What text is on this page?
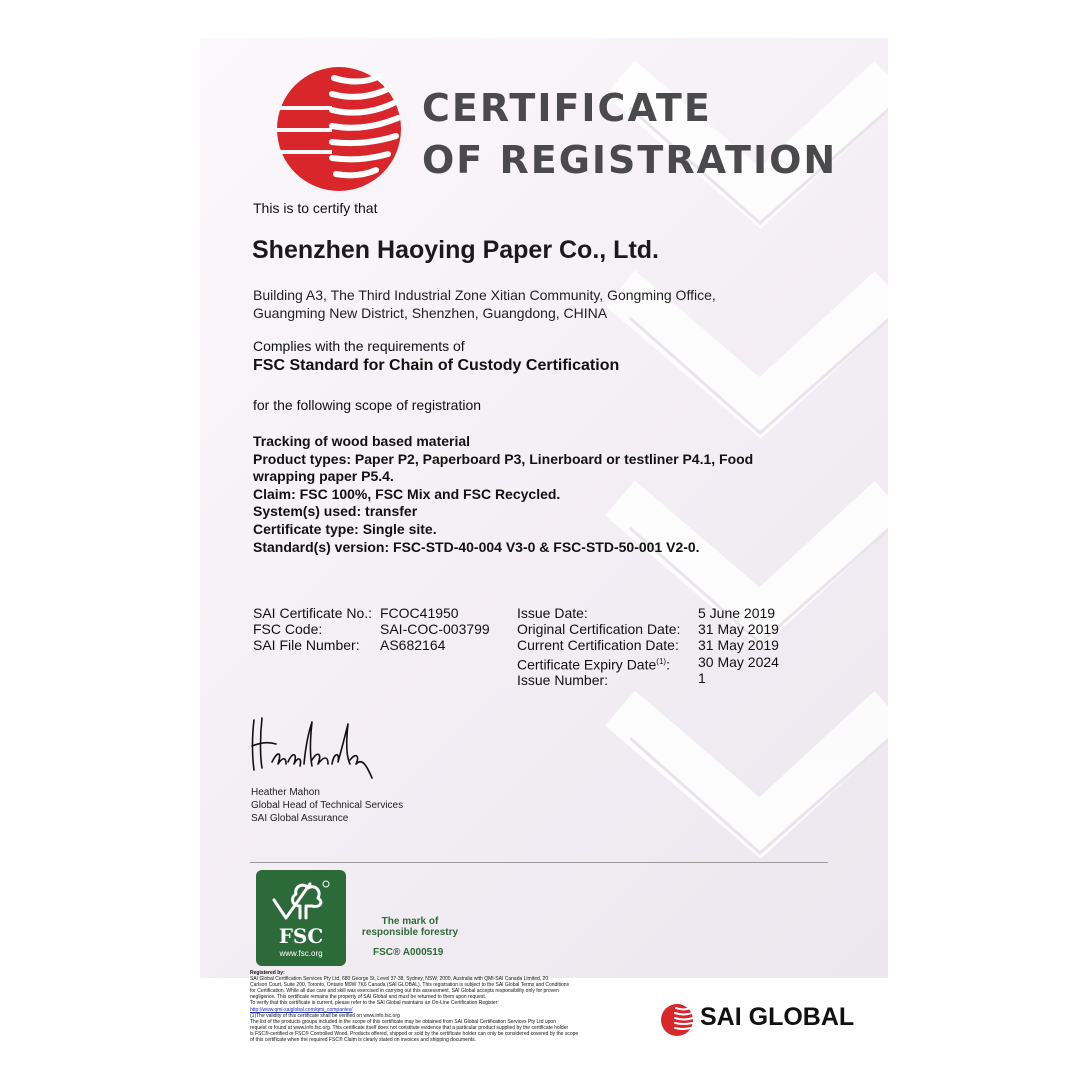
CERTIFICATE
OF REGISTRATION
This is to certify that
Shenzhen Haoying Paper Co., Ltd.
Building A3, The Third Industrial Zone Xitian Community, Gongming Office,
Guangming New District, Shenzhen, Guangdong, CHINA
Complies with the requirements of
FSC Standard for Chain of Custody Certification
for the following scope of registration
Tracking of wood based material
Product types: Paper P2, Paperboard P3, Linerboard or testliner P4.1, Food
wrapping paper P5.4.
Claim: FSC 100%, FSC Mix and FSC Recycled.
System(s) used: transfer
Certificate type: Single site.
Standard(s) version: FSC-STD-40-004 V3-0 & FSC-STD-50-001 V2-0.
SAI Certificate No.:
FSC Code:
SAI File Number:
FCOC41950
SAI-COC-003799
AS682164
Issue Date:
Original Certification Date:
Current Certification Date:
Certificate Expiry Date$^{(1)}$:
Issue Number:
5 June 2019
31 May 2019
31 May 2019
30 May 2024
1
Heather Mahon
Global Head of Technical Services
SAI Global Assurance
FSC
www.fsc.org
The mark of
responsible forestry
FSC® A000519
Registered by:
SAI Global Certification Services Pty Ltd, 680 George St, Level 37-38, Sydney, NSW, 2000, Australia with QMI-SAI Canada Limited, 20
Carlson Court, Suite 200, Toronto, Ontario M9W 7K6 Canada (SAI GLOBAL). This registration is subject to the SAI Global Terms and Conditions
for Certification. While all due care and skill was exercised in carrying out this assessment, SAI Global accepts responsibility only for proven
negligence. This certificate remains the property of SAI Global and must be returned to them upon request.
To verify that this certificate is current, please refer to the SAI Global maintains an On-Line Certification Register:
http://www.qmi-saiglobal.com/qmi_companies/
(1)The validity of this certificate shall be verified on www.info.fsc.org
The list of the products groups included in the scope of this certificate may be obtained from SAI Global Certification Services Pty Ltd upon
request or found at www.info.fsc.org. This certificate itself does not constitute evidence that a particular product supplied by the certificate holder
is FSC®-certified or FSC® Controlled Wood. Products offered, shipped or sold by the certificate holder can only be considered covered by the scope
of this certificate when the required FSC® Claim is clearly stated on invoices and shipping documents.
SAI GLOBAL
